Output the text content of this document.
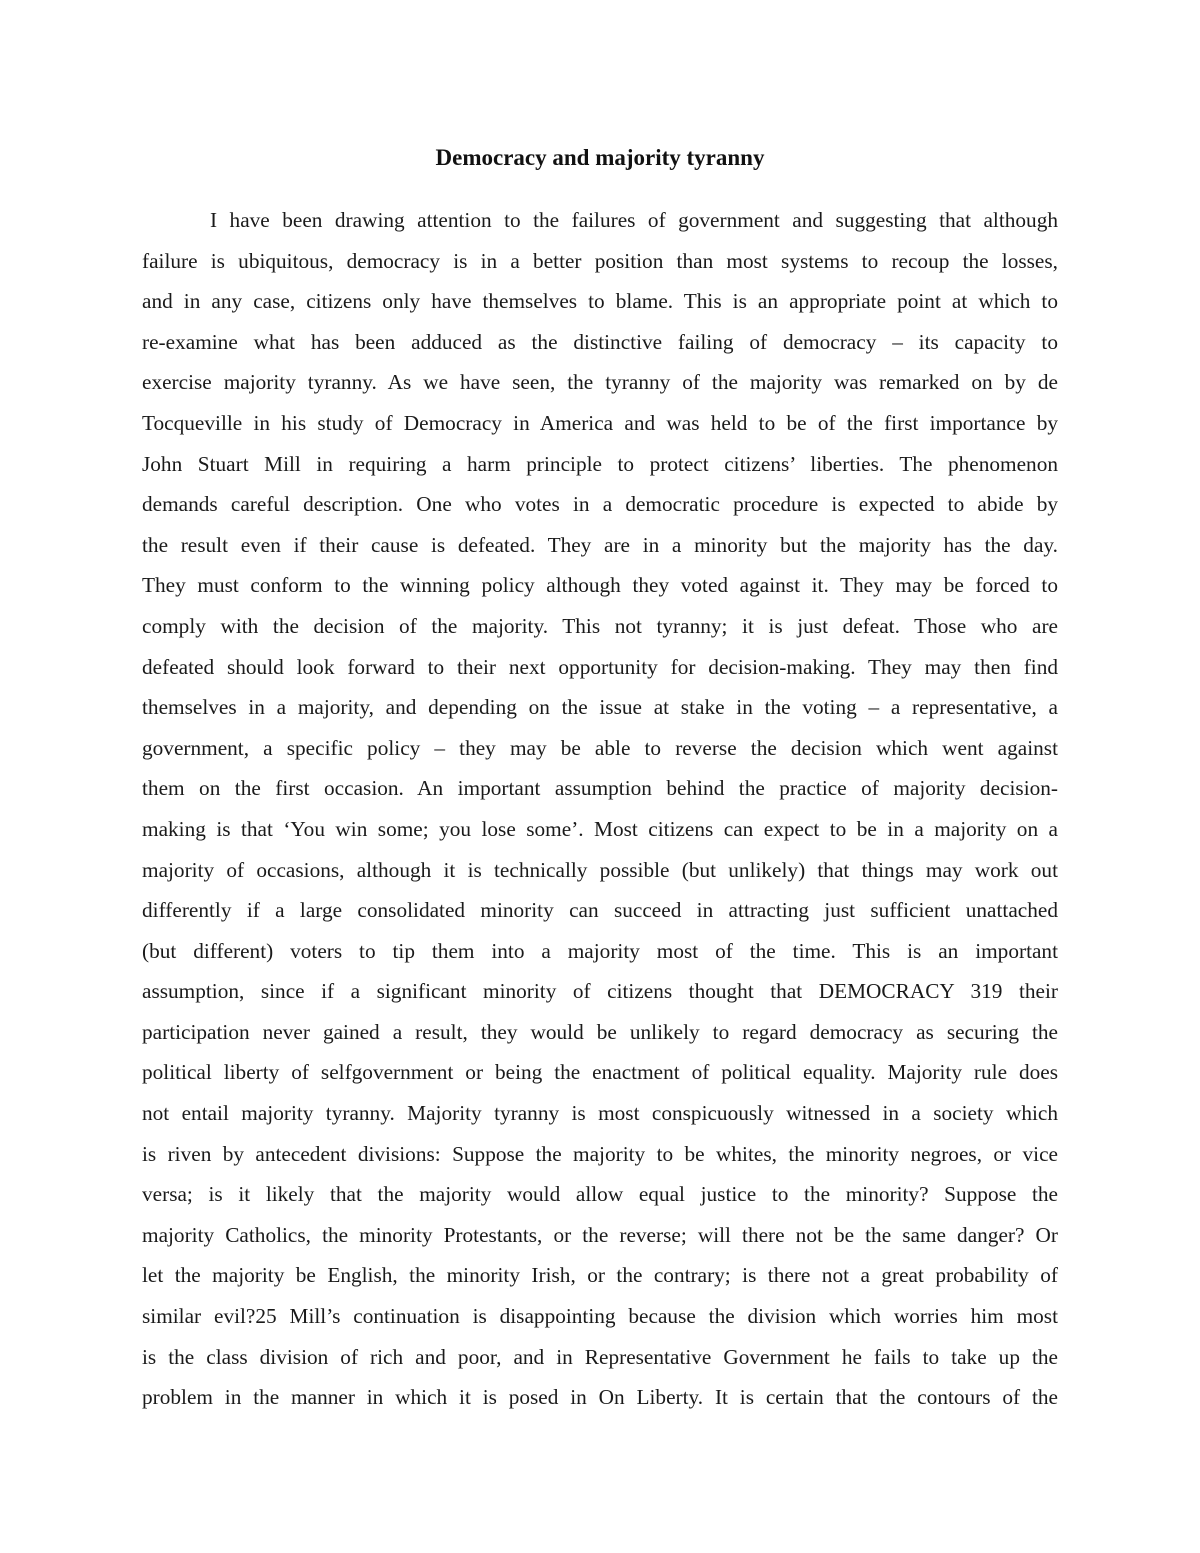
Democracy and majority tyranny
I have been drawing attention to the failures of government and suggesting that although
failure is ubiquitous, democracy is in a better position than most systems to recoup the losses,
and in any case, citizens only have themselves to blame. This is an appropriate point at which to
re-examine what has been adduced as the distinctive failing of democracy – its capacity to
exercise majority tyranny. As we have seen, the tyranny of the majority was remarked on by de
Tocqueville in his study of Democracy in America and was held to be of the first importance by
John Stuart Mill in requiring a harm principle to protect citizens’ liberties. The phenomenon
demands careful description. One who votes in a democratic procedure is expected to abide by
the result even if their cause is defeated. They are in a minority but the majority has the day.
They must conform to the winning policy although they voted against it. They may be forced to
comply with the decision of the majority. This not tyranny; it is just defeat. Those who are
defeated should look forward to their next opportunity for decision-making. They may then find
themselves in a majority, and depending on the issue at stake in the voting – a representative, a
government, a specific policy – they may be able to reverse the decision which went against
them on the first occasion. An important assumption behind the practice of majority decision-
making is that ‘You win some; you lose some’. Most citizens can expect to be in a majority on a
majority of occasions, although it is technically possible (but unlikely) that things may work out
differently if a large consolidated minority can succeed in attracting just sufficient unattached
(but different) voters to tip them into a majority most of the time. This is an important
assumption, since if a significant minority of citizens thought that DEMOCRACY 319 their
participation never gained a result, they would be unlikely to regard democracy as securing the
political liberty of selfgovernment or being the enactment of political equality. Majority rule does
not entail majority tyranny. Majority tyranny is most conspicuously witnessed in a society which
is riven by antecedent divisions: Suppose the majority to be whites, the minority negroes, or vice
versa; is it likely that the majority would allow equal justice to the minority? Suppose the
majority Catholics, the minority Protestants, or the reverse; will there not be the same danger? Or
let the majority be English, the minority Irish, or the contrary; is there not a great probability of
similar evil?25 Mill’s continuation is disappointing because the division which worries him most
is the class division of rich and poor, and in Representative Government he fails to take up the
problem in the manner in which it is posed in On Liberty. It is certain that the contours of the
